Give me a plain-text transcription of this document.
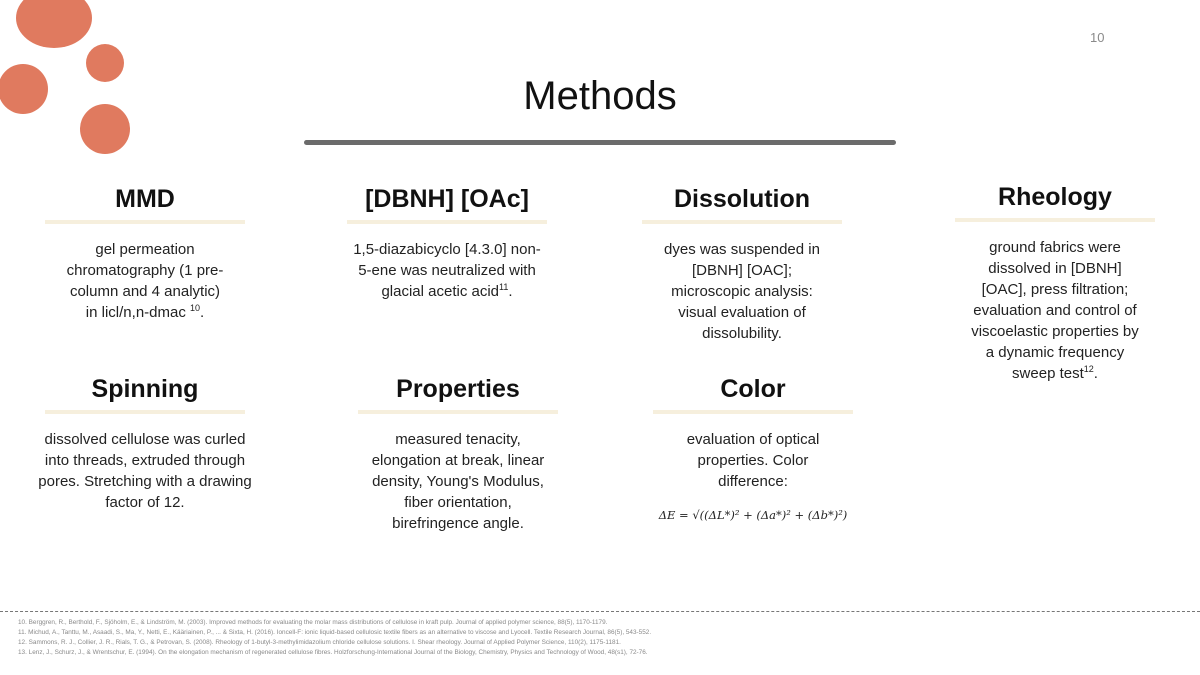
10
Methods
MMD
gel permeation chromatography (1 pre-column and 4 analytic) in licl/n,n-dmac $^{10}$.
[DBNH] [OAc]
1,5-diazabicyclo [4.3.0] non-5-ene was neutralized with glacial acetic acid$^{11}$.
Dissolution
dyes was suspended in [DBNH] [OAC]; microscopic analysis: visual evaluation of dissolubility.
Rheology
ground fabrics were dissolved in [DBNH] [OAC], press filtration; evaluation and control of viscoelastic properties by a dynamic frequency sweep test$^{12}$.
Spinning
dissolved cellulose was curled into threads, extruded through pores. Stretching with a drawing factor of 12.
Properties
measured tenacity, elongation at break, linear density, Young's Modulus, fiber orientation, birefringence angle.
Color
evaluation of optical properties. Color difference:
ΔE = √((ΔL*)² + (Δa*)² + (Δb*)²)
10. Berggren, R., Berthold, F., Sjöholm, E., & Lindström, M. (2003). Improved methods for evaluating the molar mass distributions of cellulose in kraft pulp. Journal of applied polymer science, 88(5), 1170-1179.
11. Michud, A., Tanttu, M., Asaadi, S., Ma, Y., Netti, E., Kääriainen, P., ... & Sixta, H. (2016). Ioncell-F: ionic liquid-based cellulosic textile fibers as an alternative to viscose and Lyocell. Textile Research Journal, 86(5), 543-552.
12. Sammons, R. J., Collier, J. R., Rials, T. G., & Petrovan, S. (2008). Rheology of 1-butyl-3-methylimidazolium chloride cellulose solutions. I. Shear rheology. Journal of Applied Polymer Science, 110(2), 1175-1181.
13. Lenz, J., Schurz, J., & Wrentschur, E. (1994). On the elongation mechanism of regenerated cellulose fibres. Holzforschung-International Journal of the Biology, Chemistry, Physics and Technology of Wood, 48(s1), 72-76.
